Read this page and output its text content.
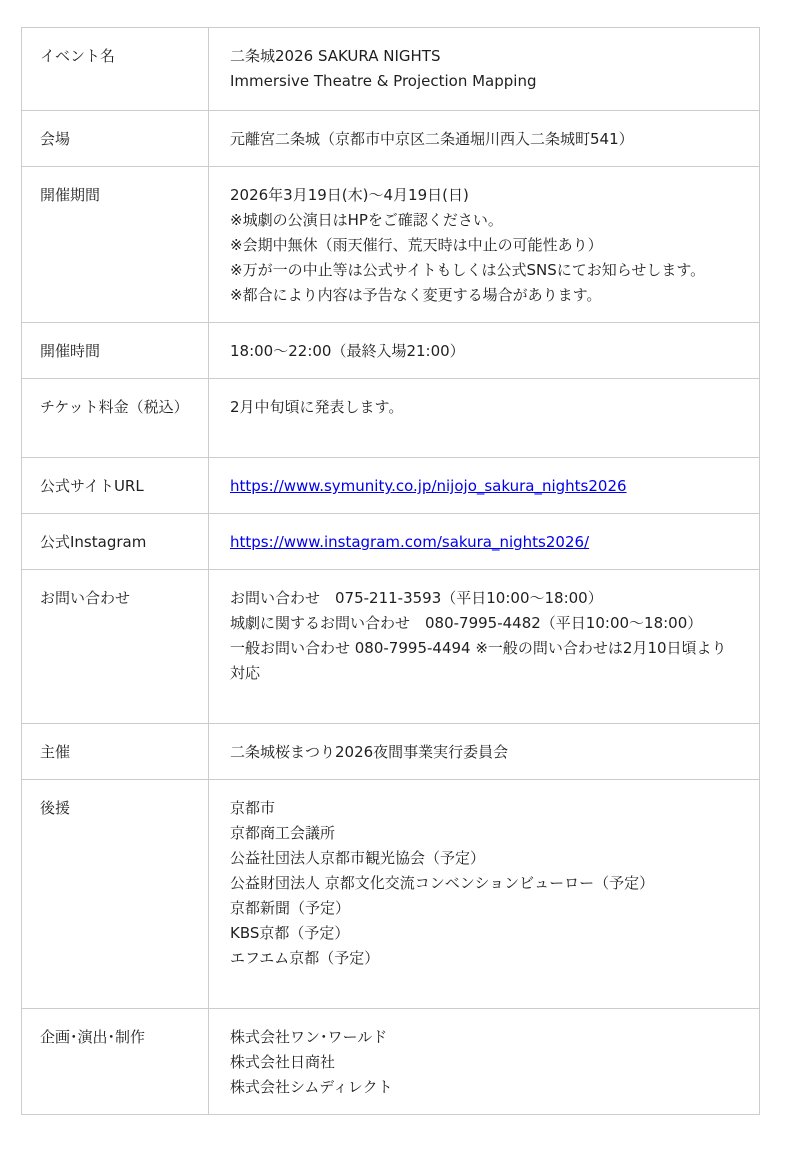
イベント名	二条城2026 SAKURA NIGHTS
Immersive Theatre & Projection Mapping
会場	元離宮二条城（京都市中京区二条通堀川西入二条城町541）
開催期間	2026年3月19日(木)～4月19日(日)
※城劇の公演日はHPをご確認ください。
※会期中無休（雨天催行、荒天時は中止の可能性あり）
※万が一の中止等は公式サイトもしくは公式SNSにてお知らせします。
※都合により内容は予告なく変更する場合があります。
開催時間	18:00～22:00（最終入場21:00）
チケット料金（税込）	2月中旬頃に発表します。
公式サイトURL	https://www.symunity.co.jp/nijojo_sakura_nights2026
公式Instagram	https://www.instagram.com/sakura_nights2026/
お問い合わせ	お問い合わせ　075-211-3593（平日10:00～18:00）
城劇に関するお問い合わせ　080-7995-4482（平日10:00～18:00）
一般お問い合わせ 080-7995-4494 ※一般の問い合わせは2月10日頃より対応
主催	二条城桜まつり2026夜間事業実行委員会
後援	京都市
京都商工会議所
公益社団法人京都市観光協会（予定）
公益財団法人 京都文化交流コンベンションビューロー（予定）
京都新聞（予定）
KBS京都（予定）
エフエム京都（予定）
企画･演出･制作	株式会社ワン･ワールド
株式会社日商社
株式会社シムディレクト
